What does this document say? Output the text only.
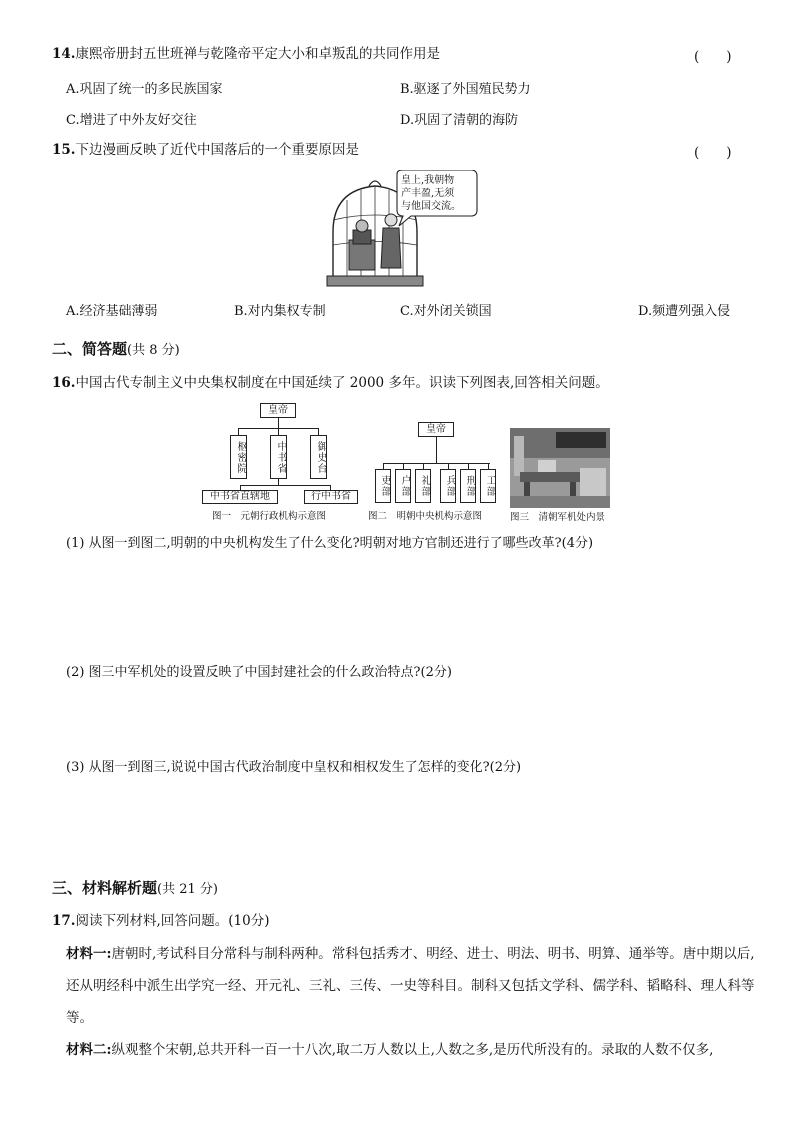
14.康熙帝册封五世班禅与乾隆帝平定大小和卓叛乱的共同作用是	(　　)
A.巩固了统一的多民族国家	B.驱逐了外国殖民势力
C.增进了中外友好交往	D.巩固了清朝的海防
15.下边漫画反映了近代中国落后的一个重要原因是	(　　)
皇上,我朝物
产丰盈,无须
与他国交流。
A.经济基础薄弱	B.对内集权专制	C.对外闭关锁国	D.频遭列强入侵
二、简答题(共 8 分)
16.中国古代专制主义中央集权制度在中国延续了 2000 多年。识读下列图表,回答相关问题。
皇帝
枢密院	中书省	御史台
中书省直辖地	行中书省
图一　元朝行政机构示意图
皇帝
吏部 户部 礼部	兵部 刑部 工部
图二　明朝中央机构示意图	图三　清朝军机处内景
(1) 从图一到图二,明朝的中央机构发生了什么变化?明朝对地方官制还进行了哪些改革?(4分)
(2) 图三中军机处的设置反映了中国封建社会的什么政治特点?(2分)
(3) 从图一到图三,说说中国古代政治制度中皇权和相权发生了怎样的变化?(2分)
三、材料解析题(共 21 分)
17.阅读下列材料,回答问题。(10分)
材料一:唐朝时,考试科目分常科与制科两种。常科包括秀才、明经、进士、明法、明书、明算、通举等。唐中期以后,还从明经科中派生出学究一经、开元礼、三礼、三传、一史等科目。制科又包括文学科、儒学科、韬略科、理人科等等。
材料二:纵观整个宋朝,总共开科一百一十八次,取二万人数以上,人数之多,是历代所没有的。录取的人数不仅多,
